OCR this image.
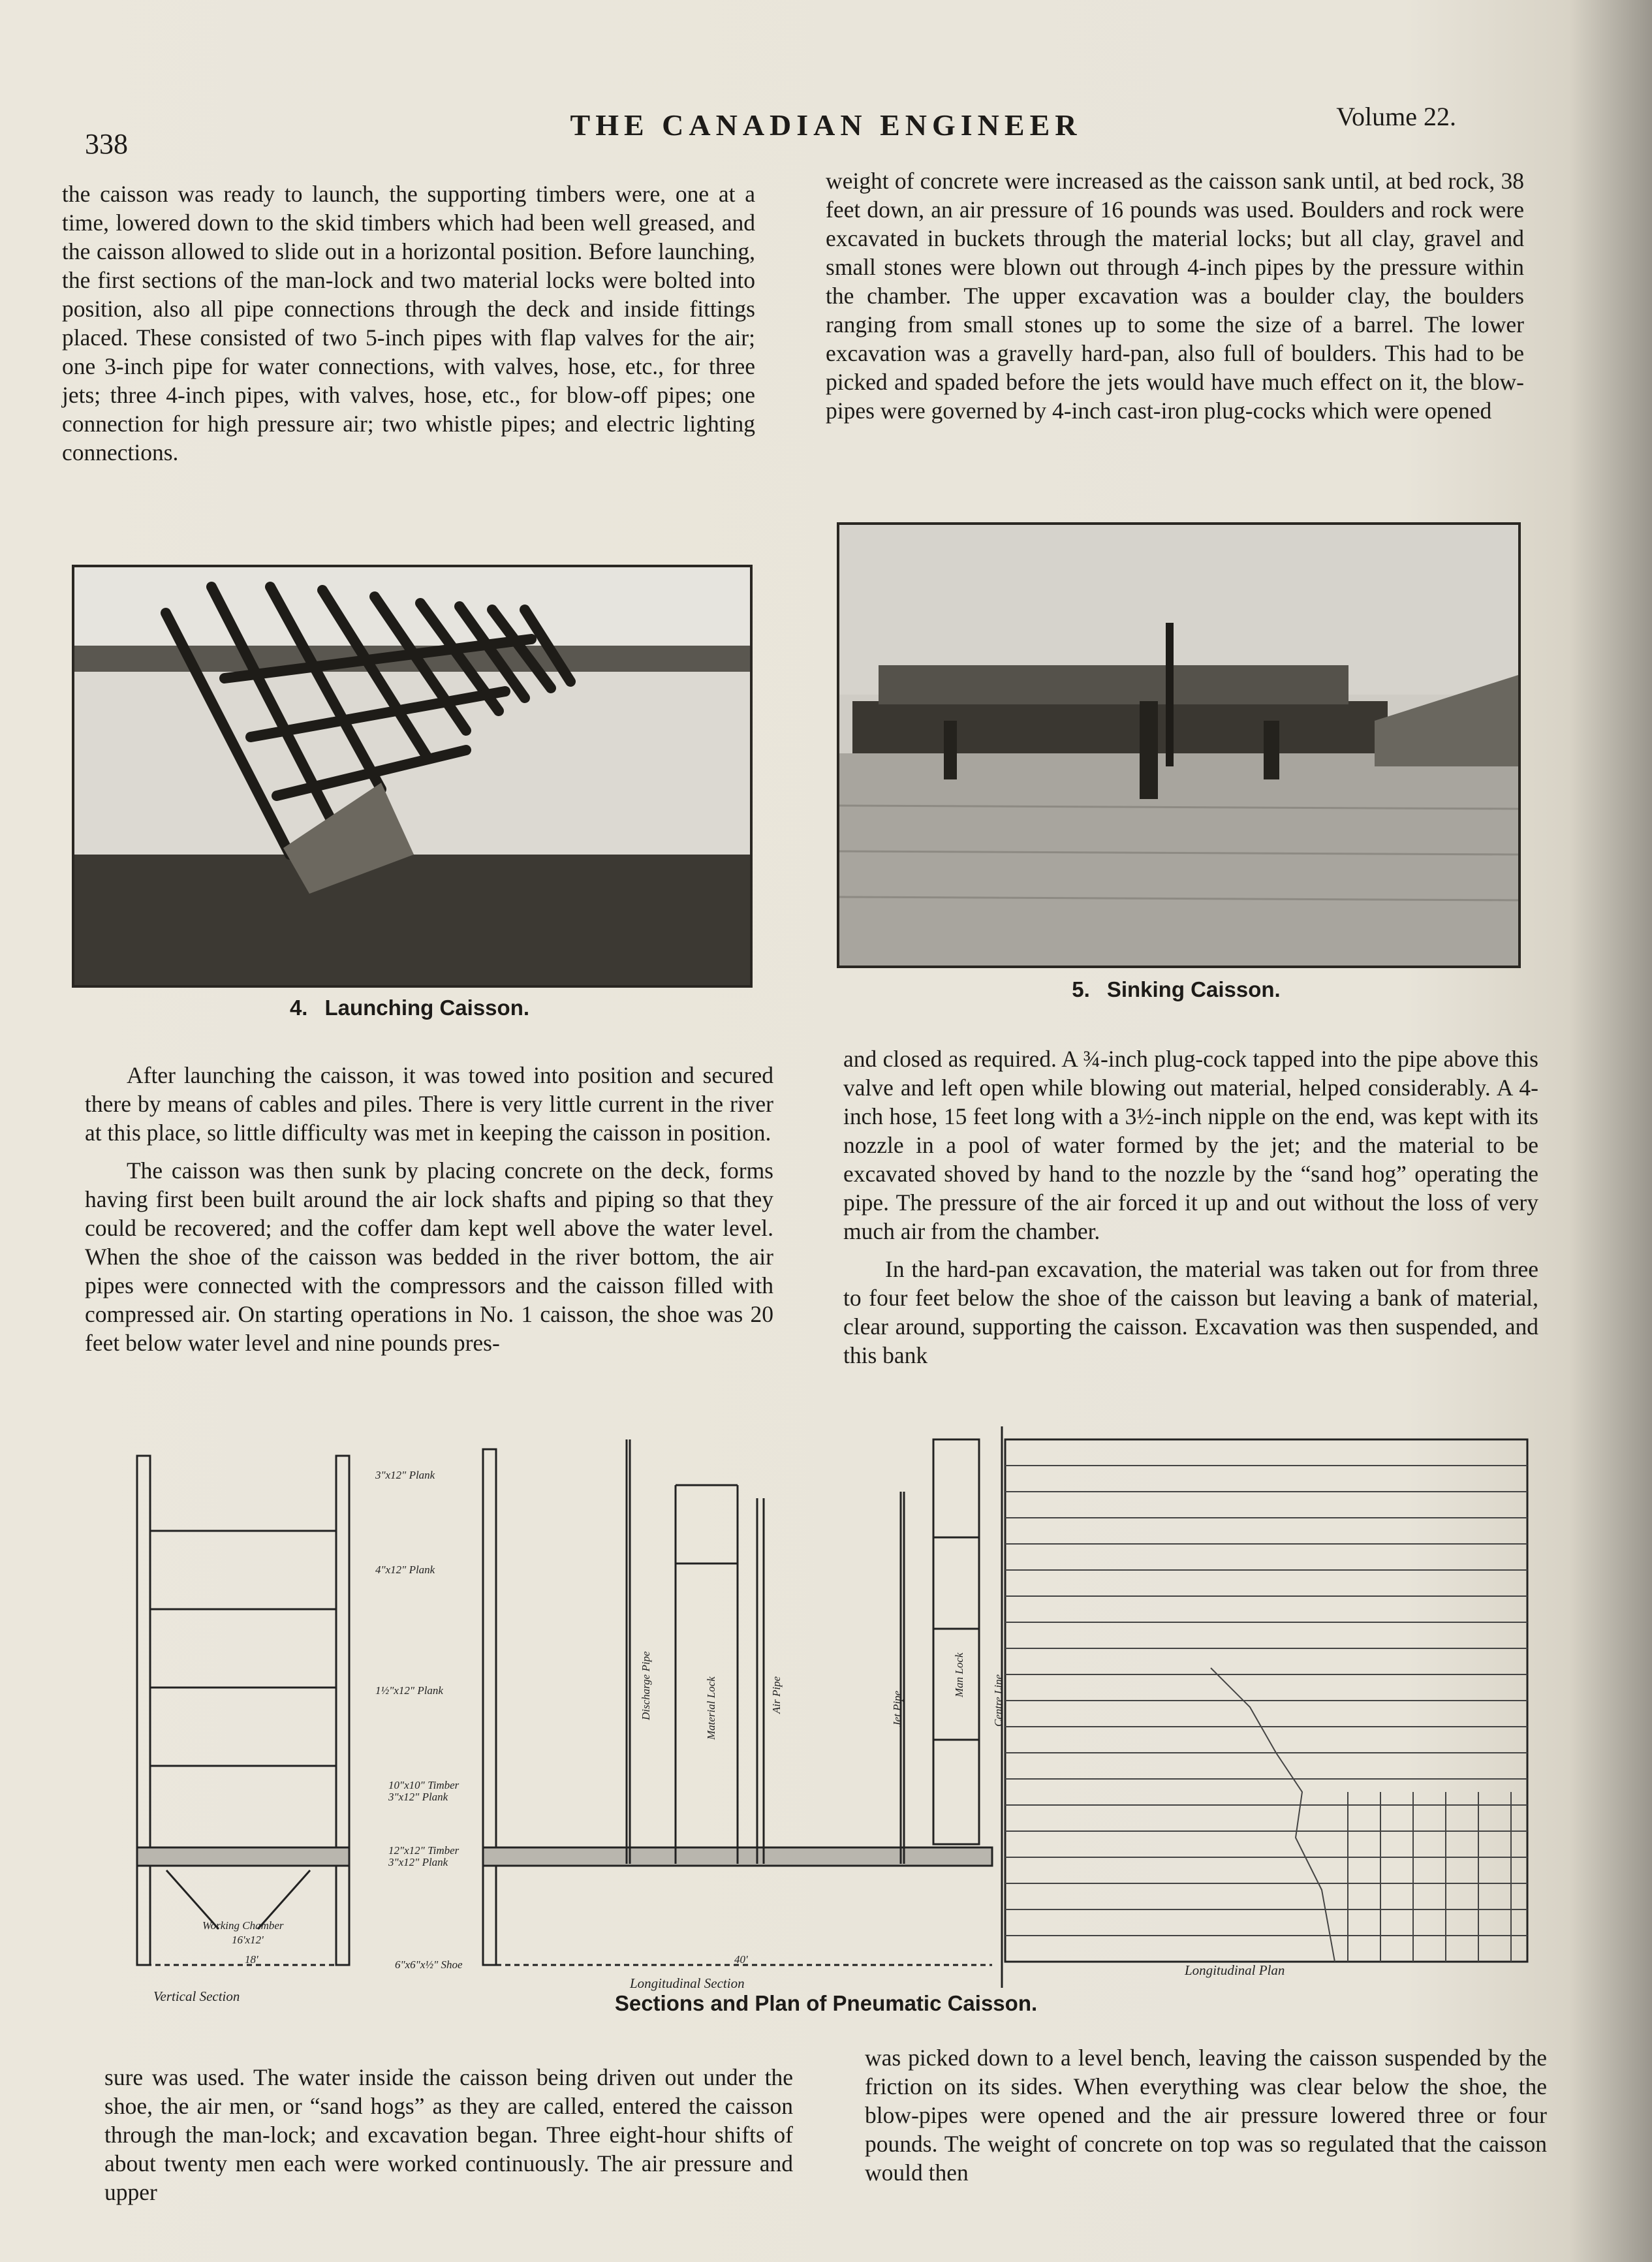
338
THE CANADIAN ENGINEER	Volume 22.

the caisson was ready to launch, the supporting timbers were, one at a time, lowered down to the skid timbers which had been well greased, and the caisson allowed to slide out in a horizontal position. Before launching, the first sections of the man-lock and two material locks were bolted into position, also all pipe connections through the deck and inside fittings placed. These consisted of two 5-inch pipes with flap valves for the air; one 3-inch pipe for water connections, with valves, hose, etc., for three jets; three 4-inch pipes, with valves, hose, etc., for blow-off pipes; one connection for high pressure air; two whistle pipes; and electric lighting connections.

weight of concrete were increased as the caisson sank until, at bed rock, 38 feet down, an air pressure of 16 pounds was used. Boulders and rock were excavated in buckets through the material locks; but all clay, gravel and small stones were blown out through 4-inch pipes by the pressure within the chamber. The upper excavation was a boulder clay, the boulders ranging from small stones up to some the size of a barrel. The lower excavation was a gravelly hard-pan, also full of boulders. This had to be picked and spaded before the jets would have much effect on it, the blow-pipes were governed by 4-inch cast-iron plug-cocks which were opened

4. Launching Caisson.
5. Sinking Caisson.

After launching the caisson, it was towed into position and secured there by means of cables and piles. There is very little current in the river at this place, so little difficulty was met in keeping the caisson in position.

The caisson was then sunk by placing concrete on the deck, forms having first been built around the air lock shafts and piping so that they could be recovered; and the coffer dam kept well above the water level. When the shoe of the caisson was bedded in the river bottom, the air pipes were connected with the compressors and the caisson filled with compressed air. On starting operations in No. 1 caisson, the shoe was 20 feet below water level and nine pounds pres-

and closed as required. A ¾-inch plug-cock tapped into the pipe above this valve and left open while blowing out material, helped considerably. A 4-inch hose, 15 feet long with a 3½-inch nipple on the end, was kept with its nozzle in a pool of water formed by the jet; and the material to be excavated shoved by hand to the nozzle by the “sand hog” operating the pipe. The pressure of the air forced it up and out without the loss of very much air from the chamber.

In the hard-pan excavation, the material was taken out for from three to four feet below the shoe of the caisson but leaving a bank of material, clear around, supporting the caisson. Excavation was then suspended, and this bank

3"x12" Plank
4"x12" Plank
1½"x12" Plank
10"x10" Timber
3"x12" Plank
12"x12" Timber
3"x12" Plank
6"x6"x½" Shoe
Working Chamber
16'x12'
18'	40'
Vertical Section
Longitudinal Section
Longitudinal Plan
Discharge Pipe	Material Lock	Air Pipe	Jet Pipe
Man Lock Centre Line
Sections and Plan of Pneumatic Caisson.

sure was used. The water inside the caisson being driven out under the shoe, the air men, or “sand hogs” as they are called, entered the caisson through the man-lock; and excavation began. Three eight-hour shifts of about twenty men each were worked continuously. The air pressure and upper

was picked down to a level bench, leaving the caisson suspended by the friction on its sides. When everything was clear below the shoe, the blow-pipes were opened and the air pressure lowered three or four pounds. The weight of concrete on top was so regulated that the caisson would then
